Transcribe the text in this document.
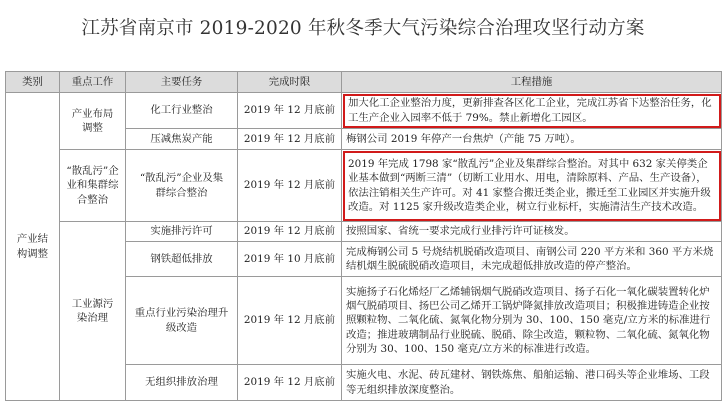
江苏省南京市 2019-2020 年秋冬季大气污染综合治理攻坚行动方案
类别	重点工作	主要任务	完成时限	工程措施
产业结构调整	产业布局调整	化工行业整治	2019 年 12 月底前	加大化工企业整治力度，更新排查各区化工企业，完成江苏省下达整治任务，化工生产企业入园率不低于 79%。禁止新增化工园区。
		压减焦炭产能	2019 年 12 月底前	梅钢公司 2019 年停产一台焦炉（产能 75 万吨）。
	“散乱污”企业和集群综合整治	“散乱污”企业及集群综合整治	2019 年 12 月底前	2019 年完成 1798 家“散乱污”企业及集群综合整治。对其中 632 家关停类企业基本做到“两断三清”（切断工业用水、用电，清除原料、产品、生产设备），依法注销相关生产许可。对 41 家整合搬迁类企业，搬迁至工业园区并实施升级改造。对 1125 家升级改造类企业，树立行业标杆，实施清洁生产技术改造。
	工业源污染治理	实施排污许可	2019 年 12 月底前	按照国家、省统一要求完成行业排污许可证核发。
		钢铁超低排放	2019 年 10 月底前	完成梅钢公司 5 号烧结机脱硝改造项目、南钢公司 220 平方米和 360 平方米烧结机烟生脱硫脱硝改造项目，未完成超低排放改造的停产整治。
		重点行业污染治理升级改造	2019 年 12 月底前	实施扬子石化烯烃厂乙烯辅锅烟气脱硝改造项目、扬子石化一氧化碳装置转化炉烟气脱硝项目、扬巴公司乙烯开工锅炉降氮排放改造项目；积极推进铸造企业按照颗粒物、二氧化硫、氮氧化物分别为 30、100、150 毫克/立方米的标准进行改造；推进玻璃制品行业脱硫、脱硝、除尘改造，颗粒物、二氧化硫、氮氧化物分别为 30、100、150 毫克/立方米的标准进行改造。
		无组织排放治理	2019 年 12 月底前	实施火电、水泥、砖瓦建材、钢铁炼焦、船舶运输、港口码头等企业堆场、工段等无组织排放深度整治。
